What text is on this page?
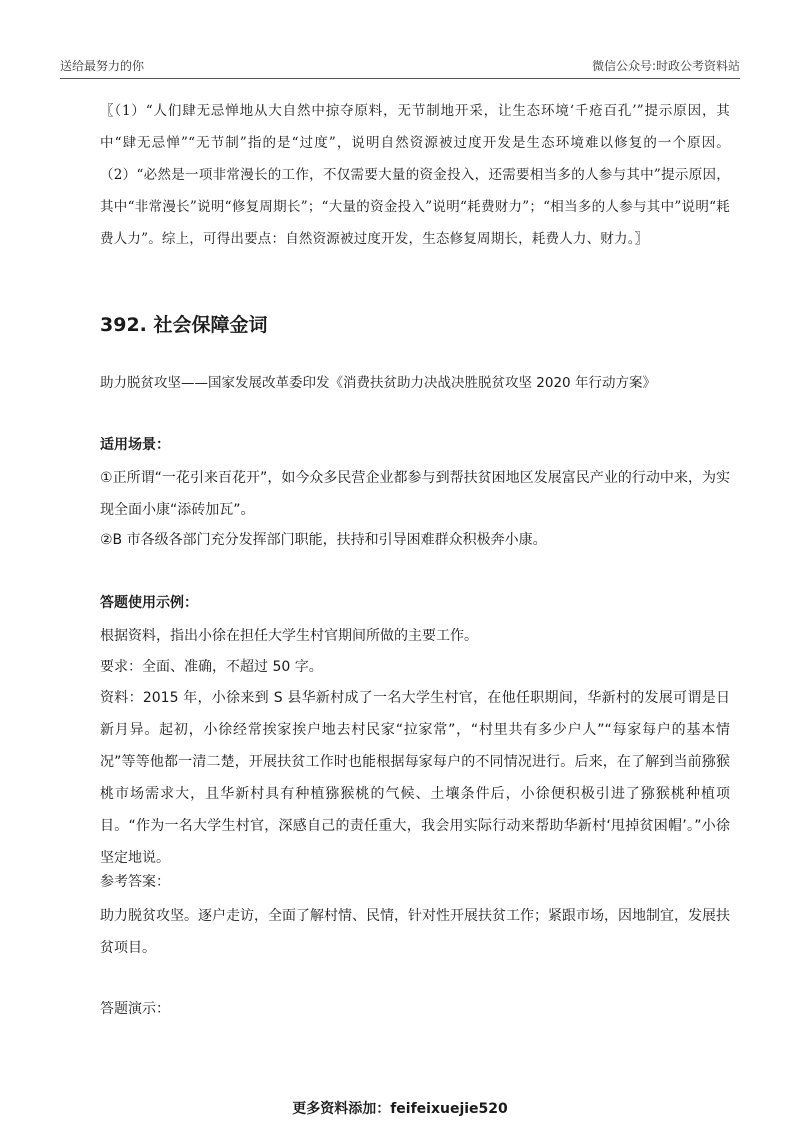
送给最努力的你	微信公众号:时政公考资料站

〖（1）“人们肆无忌惮地从大自然中掠夺原料，无节制地开采，让生态环境‘千疮百孔’”提示原因，其中“肆无忌惮”“无节制”指的是“过度”，说明自然资源被过度开发是生态环境难以修复的一个原因。（2）“必然是一项非常漫长的工作，不仅需要大量的资金投入，还需要相当多的人参与其中”提示原因，其中“非常漫长”说明“修复周期长”；“大量的资金投入”说明“耗费财力”；“相当多的人参与其中”说明“耗费人力”。综上，可得出要点：自然资源被过度开发，生态修复周期长，耗费人力、财力。〗

392. 社会保障金词

助力脱贫攻坚——国家发展改革委印发《消费扶贫助力决战决胜脱贫攻坚 2020 年行动方案》

适用场景：

①正所谓“一花引来百花开”，如今众多民营企业都参与到帮扶贫困地区发展富民产业的行动中来，为实现全面小康“添砖加瓦”。

②B 市各级各部门充分发挥部门职能，扶持和引导困难群众积极奔小康。

答题使用示例：

根据资料，指出小徐在担任大学生村官期间所做的主要工作。

要求：全面、准确，不超过 50 字。

资料：2015 年，小徐来到 S 县华新村成了一名大学生村官，在他任职期间，华新村的发展可谓是日新月异。起初，小徐经常挨家挨户地去村民家“拉家常”，“村里共有多少户人”“每家每户的基本情况”等等他都一清二楚，开展扶贫工作时也能根据每家每户的不同情况进行。后来，在了解到当前猕猴桃市场需求大，且华新村具有种植猕猴桃的气候、土壤条件后，小徐便积极引进了猕猴桃种植项目。“作为一名大学生村官，深感自己的责任重大，我会用实际行动来帮助华新村‘甩掉贫困帽’。”小徐坚定地说。

参考答案：

助力脱贫攻坚。逐户走访，全面了解村情、民情，针对性开展扶贫工作；紧跟市场，因地制宜，发展扶贫项目。

答题演示：

更多资料添加：feifeixuejie520
